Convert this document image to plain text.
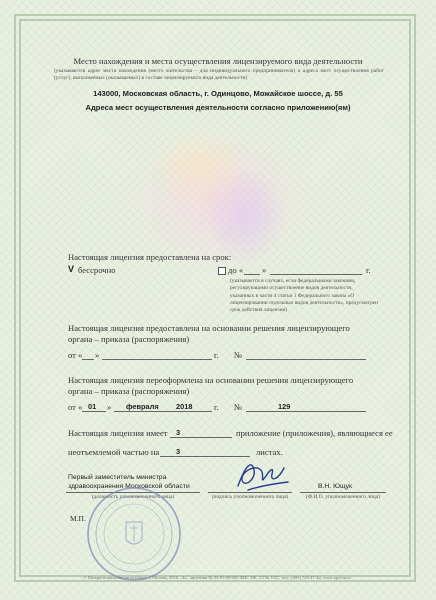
Место нахождения и места осуществления лицензируемого вида деятельности
(указываются адрес места нахождения (место жительства – для индивидуального предпринимателя) и адреса мест осуществления работ (услуг), выполняемых (оказываемых) в составе лицензируемого вида деятельности)
143000, Московская область, г. Одинцово, Можайское шоссе, д. 55
Адреса мест осуществления деятельности согласно приложению(ям)
Настоящая лицензия предоставлена на срок:
V бессрочно	до « »	г.
(указывается в случаях, если федеральными законами, регулирующими осуществление видов деятельности, указанных в части 4 статьи 1 Федерального закона «О лицензировании отдельных видов деятельности», предусмотрен срок действия лицензии)
Настоящая лицензия предоставлена на основании решения лицензирующего
органа – приказа (распоряжения)
от « »	г. №
Настоящая лицензия переоформлена на основании решения лицензирующего
органа – приказа (распоряжения)
от « 01 » февраля 2018	г. №	129
Настоящая лицензия имеет 3	приложение (приложения), являющиеся ее
неотъемлемой частью на 3	листах.
Первый заместитель министра
здравоохранения Московской области
(должность уполномоченного лица)	(подпись уполномоченного лица)
В.Н. Ющук
(Ф.И.О. уполномоченного лица)
М.П.
© Межрегиональная типография, г. Москва, 2016, «Б», лицензия № 05-05-09/003 ФНС РФ, ТЗ № 1057, тел.: (495) 726-47-42, www.opcion.ru
